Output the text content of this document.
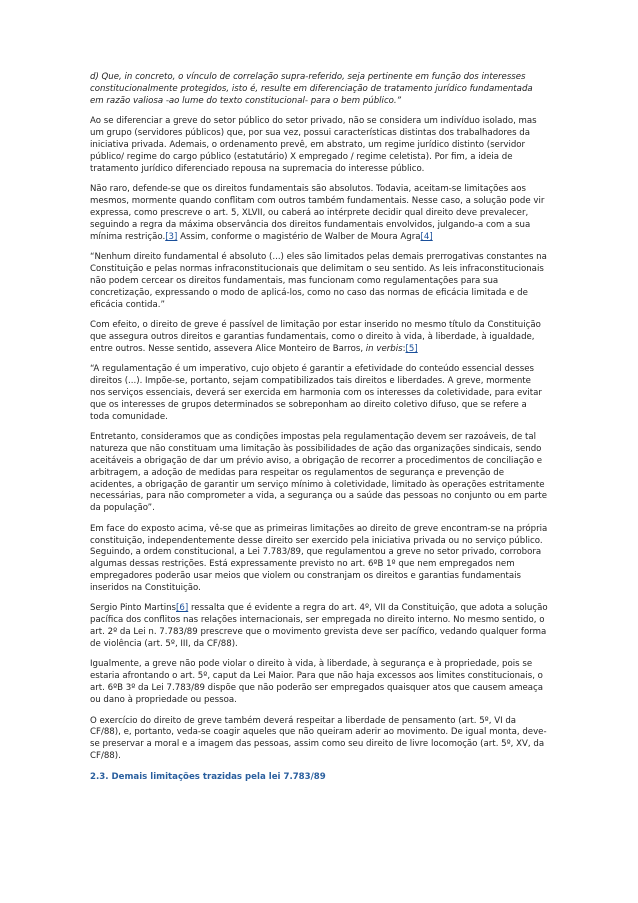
d) Que, in concreto, o vínculo de correlação supra-referido, seja pertinente em função dos interesses constitucionalmente protegidos, isto é, resulte em diferenciação de tratamento jurídico fundamentada em razão valiosa -ao lume do texto constitucional- para o bem público.”

Ao se diferenciar a greve do setor público do setor privado, não se considera um indivíduo isolado, mas um grupo (servidores públicos) que, por sua vez, possui características distintas dos trabalhadores da iniciativa privada. Ademais, o ordenamento prevê, em abstrato, um regime jurídico distinto (servidor público/ regime do cargo público (estatutário) X empregado / regime celetista). Por fim, a ideia de tratamento jurídico diferenciado repousa na supremacia do interesse público.

Não raro, defende-se que os direitos fundamentais são absolutos. Todavia, aceitam-se limitações aos mesmos, mormente quando conflitam com outros também fundamentais. Nesse caso, a solução pode vir expressa, como prescreve o art. 5, XLVII, ou caberá ao intérprete decidir qual direito deve prevalecer, seguindo a regra da máxima observância dos direitos fundamentais envolvidos, julgando-a com a sua mínima restrição.[3] Assim, conforme o magistério de Walber de Moura Agra[4]

“Nenhum direito fundamental é absoluto (...) eles são limitados pelas demais prerrogativas constantes na Constituição e pelas normas infraconstitucionais que delimitam o seu sentido. As leis infraconstitucionais não podem cercear os direitos fundamentais, mas funcionam como regulamentações para sua concretização, expressando o modo de aplicá-los, como no caso das normas de eficácia limitada e de eficácia contida.”

Com efeito, o direito de greve é passível de limitação por estar inserido no mesmo título da Constituição que assegura outros direitos e garantias fundamentais, como o direito à vida, à liberdade, à igualdade, entre outros. Nesse sentido, assevera Alice Monteiro de Barros, in verbis:[5]

“A regulamentação é um imperativo, cujo objeto é garantir a efetividade do conteúdo essencial desses direitos (...). Impõe-se, portanto, sejam compatibilizados tais direitos e liberdades. A greve, mormente nos serviços essenciais, deverá ser exercida em harmonia com os interesses da coletividade, para evitar que os interesses de grupos determinados se sobreponham ao direito coletivo difuso, que se refere a toda comunidade.

Entretanto, consideramos que as condições impostas pela regulamentação devem ser razoáveis, de tal natureza que não constituam uma limitação às possibilidades de ação das organizações sindicais, sendo aceitáveis a obrigação de dar um prévio aviso, a obrigação de recorrer a procedimentos de conciliação e arbitragem, a adoção de medidas para respeitar os regulamentos de segurança e prevenção de acidentes, a obrigação de garantir um serviço mínimo à coletividade, limitado às operações estritamente necessárias, para não comprometer a vida, a segurança ou a saúde das pessoas no conjunto ou em parte da população”.

Em face do exposto acima, vê-se que as primeiras limitações ao direito de greve encontram-se na própria constituição, independentemente desse direito ser exercido pela iniciativa privada ou no serviço público. Seguindo, a ordem constitucional, a Lei 7.783/89, que regulamentou a greve no setor privado, corrobora algumas dessas restrições. Está expressamente previsto no art. 6ºB 1º que nem empregados nem empregadores poderão usar meios que violem ou constranjam os direitos e garantias fundamentais inseridos na Constituição.

Sergio Pinto Martins[6] ressalta que é evidente a regra do art. 4º, VII da Constituição, que adota a solução pacífica dos conflitos nas relações internacionais, ser empregada no direito interno. No mesmo sentido, o art. 2º da Lei n. 7.783/89 prescreve que o movimento grevista deve ser pacífico, vedando qualquer forma de violência (art. 5º, III, da CF/88).

Igualmente, a greve não pode violar o direito à vida, à liberdade, à segurança e à propriedade, pois se estaria afrontando o art. 5º, caput da Lei Maior. Para que não haja excessos aos limites constitucionais, o art. 6ºB 3º da Lei 7.783/89 dispõe que não poderão ser empregados quaisquer atos que causem ameaça ou dano à propriedade ou pessoa.

O exercício do direito de greve também deverá respeitar a liberdade de pensamento (art. 5º, VI da CF/88), e, portanto, veda-se coagir aqueles que não queiram aderir ao movimento. De igual monta, deve-se preservar a moral e a imagem das pessoas, assim como seu direito de livre locomoção (art. 5º, XV, da CF/88).

2.3. Demais limitações trazidas pela lei 7.783/89
